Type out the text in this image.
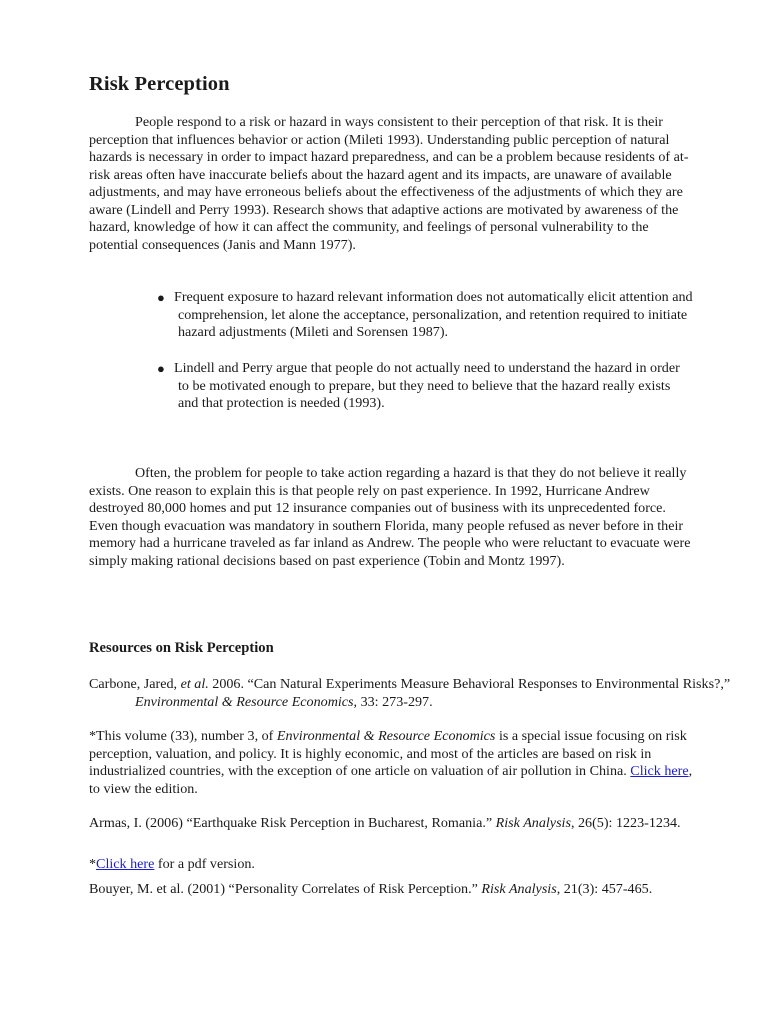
Risk Perception

People respond to a risk or hazard in ways consistent to their perception of that risk. It is their perception that influences behavior or action (Mileti 1993). Understanding public perception of natural hazards is necessary in order to impact hazard preparedness, and can be a problem because residents of at-risk areas often have inaccurate beliefs about the hazard agent and its impacts, are unaware of available adjustments, and may have erroneous beliefs about the effectiveness of the adjustments of which they are aware (Lindell and Perry 1993). Research shows that adaptive actions are motivated by awareness of the hazard, knowledge of how it can affect the community, and feelings of personal vulnerability to the potential consequences (Janis and Mann 1977).

● Frequent exposure to hazard relevant information does not automatically elicit attention and comprehension, let alone the acceptance, personalization, and retention required to initiate hazard adjustments (Mileti and Sorensen 1987).
● Lindell and Perry argue that people do not actually need to understand the hazard in order to be motivated enough to prepare, but they need to believe that the hazard really exists and that protection is needed (1993).

Often, the problem for people to take action regarding a hazard is that they do not believe it really exists. One reason to explain this is that people rely on past experience. In 1992, Hurricane Andrew destroyed 80,000 homes and put 12 insurance companies out of business with its unprecedented force. Even though evacuation was mandatory in southern Florida, many people refused as never before in their memory had a hurricane traveled as far inland as Andrew. The people who were reluctant to evacuate were simply making rational decisions based on past experience (Tobin and Montz 1997).

Resources on Risk Perception

Carbone, Jared, et al. 2006. “Can Natural Experiments Measure Behavioral Responses to Environmental Risks?,” Environmental & Resource Economics, 33: 273-297.

*This volume (33), number 3, of Environmental & Resource Economics is a special issue focusing on risk perception, valuation, and policy. It is highly economic, and most of the articles are based on risk in industrialized countries, with the exception of one article on valuation of air pollution in China. Click here, to view the edition.

Armas, I. (2006) “Earthquake Risk Perception in Bucharest, Romania.” Risk Analysis, 26(5): 1223-1234.

*Click here for a pdf version.

Bouyer, M. et al. (2001) “Personality Correlates of Risk Perception.” Risk Analysis, 21(3): 457-465.
